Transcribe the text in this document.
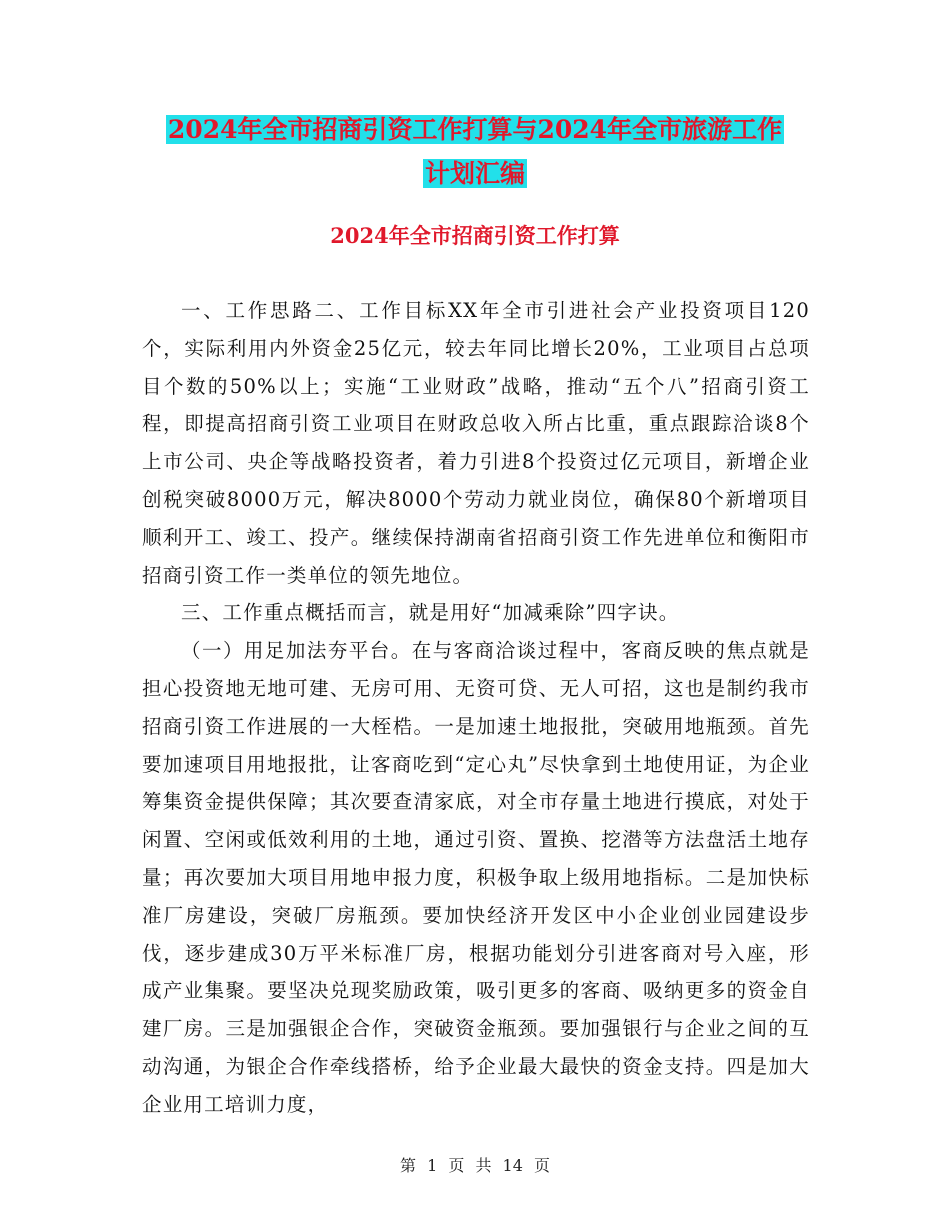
2024年全市招商引资工作打算与2024年全市旅游工作
计划汇编
2024年全市招商引资工作打算

一、工作思路二、工作目标XX年全市引进社会产业投资项目120个，实际利用内外资金25亿元，较去年同比增长20%，工业项目占总项目个数的50%以上；实施“工业财政”战略，推动“五个八”招商引资工程，即提高招商引资工业项目在财政总收入所占比重，重点跟踪洽谈8个上市公司、央企等战略投资者，着力引进8个投资过亿元项目，新增企业创税突破8000万元，解决8000个劳动力就业岗位，确保80个新增项目顺利开工、竣工、投产。继续保持湖南省招商引资工作先进单位和衡阳市招商引资工作一类单位的领先地位。

三、工作重点概括而言，就是用好“加减乘除”四字诀。

（一）用足加法夯平台。在与客商洽谈过程中，客商反映的焦点就是担心投资地无地可建、无房可用、无资可贷、无人可招，这也是制约我市招商引资工作进展的一大桎梏。一是加速土地报批，突破用地瓶颈。首先要加速项目用地报批，让客商吃到“定心丸”尽快拿到土地使用证，为企业筹集资金提供保障；其次要查清家底，对全市存量土地进行摸底，对处于闲置、空闲或低效利用的土地，通过引资、置换、挖潜等方法盘活土地存量；再次要加大项目用地申报力度，积极争取上级用地指标。二是加快标准厂房建设，突破厂房瓶颈。要加快经济开发区中小企业创业园建设步伐，逐步建成30万平米标准厂房，根据功能划分引进客商对号入座，形成产业集聚。要坚决兑现奖励政策，吸引更多的客商、吸纳更多的资金自建厂房。三是加强银企合作，突破资金瓶颈。要加强银行与企业之间的互动沟通，为银企合作牵线搭桥，给予企业最大最快的资金支持。四是加大企业用工培训力度，

第 1 页 共 14 页
